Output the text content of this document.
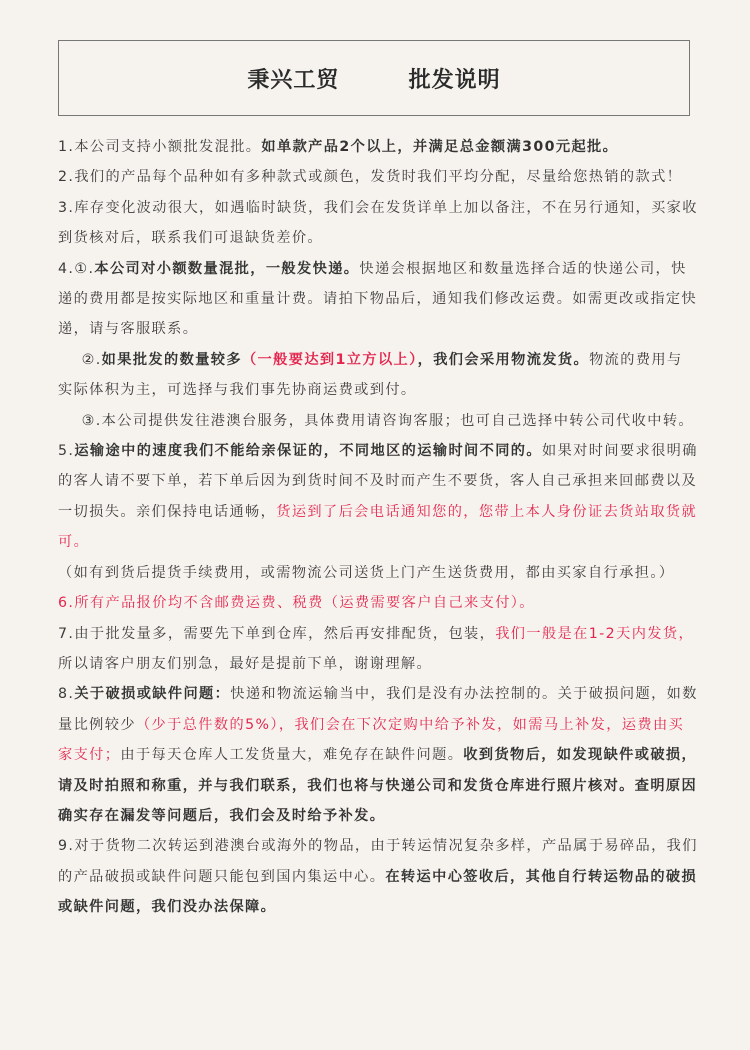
秉兴工贸        批发说明

1.本公司支持小额批发混批。如单款产品2个以上，并满足总金额满300元起批。

2.我们的产品每个品种如有多种款式或颜色，发货时我们平均分配，尽量给您热销的款式！

3.库存变化波动很大，如遇临时缺货，我们会在发货详单上加以备注，不在另行通知，买家收到货核对后，联系我们可退缺货差价。

4.①.本公司对小额数量混批，一般发快递。快递会根据地区和数量选择合适的快递公司，快递的费用都是按实际地区和重量计费。请拍下物品后，通知我们修改运费。如需更改或指定快递，请与客服联系。

②.如果批发的数量较多（一般要达到1立方以上），我们会采用物流发货。物流的费用与实际体积为主，可选择与我们事先协商运费或到付。

③.本公司提供发往港澳台服务，具体费用请咨询客服；也可自己选择中转公司代收中转。

5.运输途中的速度我们不能给亲保证的，不同地区的运输时间不同的。如果对时间要求很明确的客人请不要下单，若下单后因为到货时间不及时而产生不要货，客人自己承担来回邮费以及一切损失。亲们保持电话通畅，货运到了后会电话通知您的，您带上本人身份证去货站取货就可。（如有到货后提货手续费用，或需物流公司送货上门产生送货费用，都由买家自行承担。）

6.所有产品报价均不含邮费运费、税费（运费需要客户自己来支付）。

7.由于批发量多，需要先下单到仓库，然后再安排配货，包装，我们一般是在1-2天内发货，所以请客户朋友们别急，最好是提前下单，谢谢理解。

8.关于破损或缺件问题：快递和物流运输当中，我们是没有办法控制的。关于破损问题，如数量比例较少（少于总件数的5%），我们会在下次定购中给予补发，如需马上补发，运费由买家支付；由于每天仓库人工发货量大，难免存在缺件问题。收到货物后，如发现缺件或破损，请及时拍照和称重，并与我们联系，我们也将与快递公司和发货仓库进行照片核对。查明原因确实存在漏发等问题后，我们会及时给予补发。

9.对于货物二次转运到港澳台或海外的物品，由于转运情况复杂多样，产品属于易碎品，我们的产品破损或缺件问题只能包到国内集运中心。在转运中心签收后，其他自行转运物品的破损或缺件问题，我们没办法保障。
